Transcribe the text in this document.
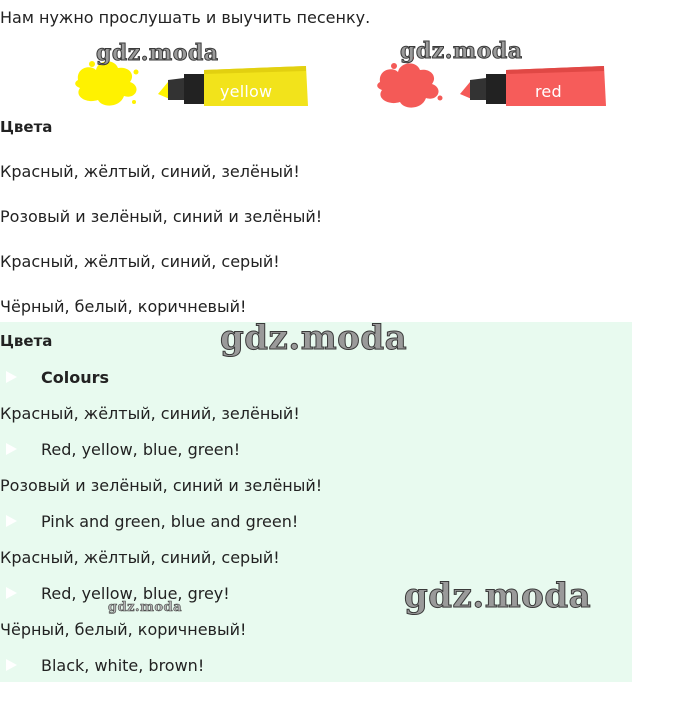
Нам нужно прослушать и выучить песенку.
yellow
gdz.moda
red
gdz.moda
Цвета
Красный, жёлтый, синий, зелёный!
Розовый и зелёный, синий и зелёный!
Красный, жёлтый, синий, серый!
Чёрный, белый, коричневый!
Цвета	gdz.moda
Colours
Красный, жёлтый, синий, зелёный!
Red, yellow, blue, green!
Розовый и зелёный, синий и зелёный!
Pink and green, blue and green!
Красный, жёлтый, синий, серый!
Red, yellow, blue, grey!
gdz.moda	gdz.moda
Чёрный, белый, коричневый!
Black, white, brown!
